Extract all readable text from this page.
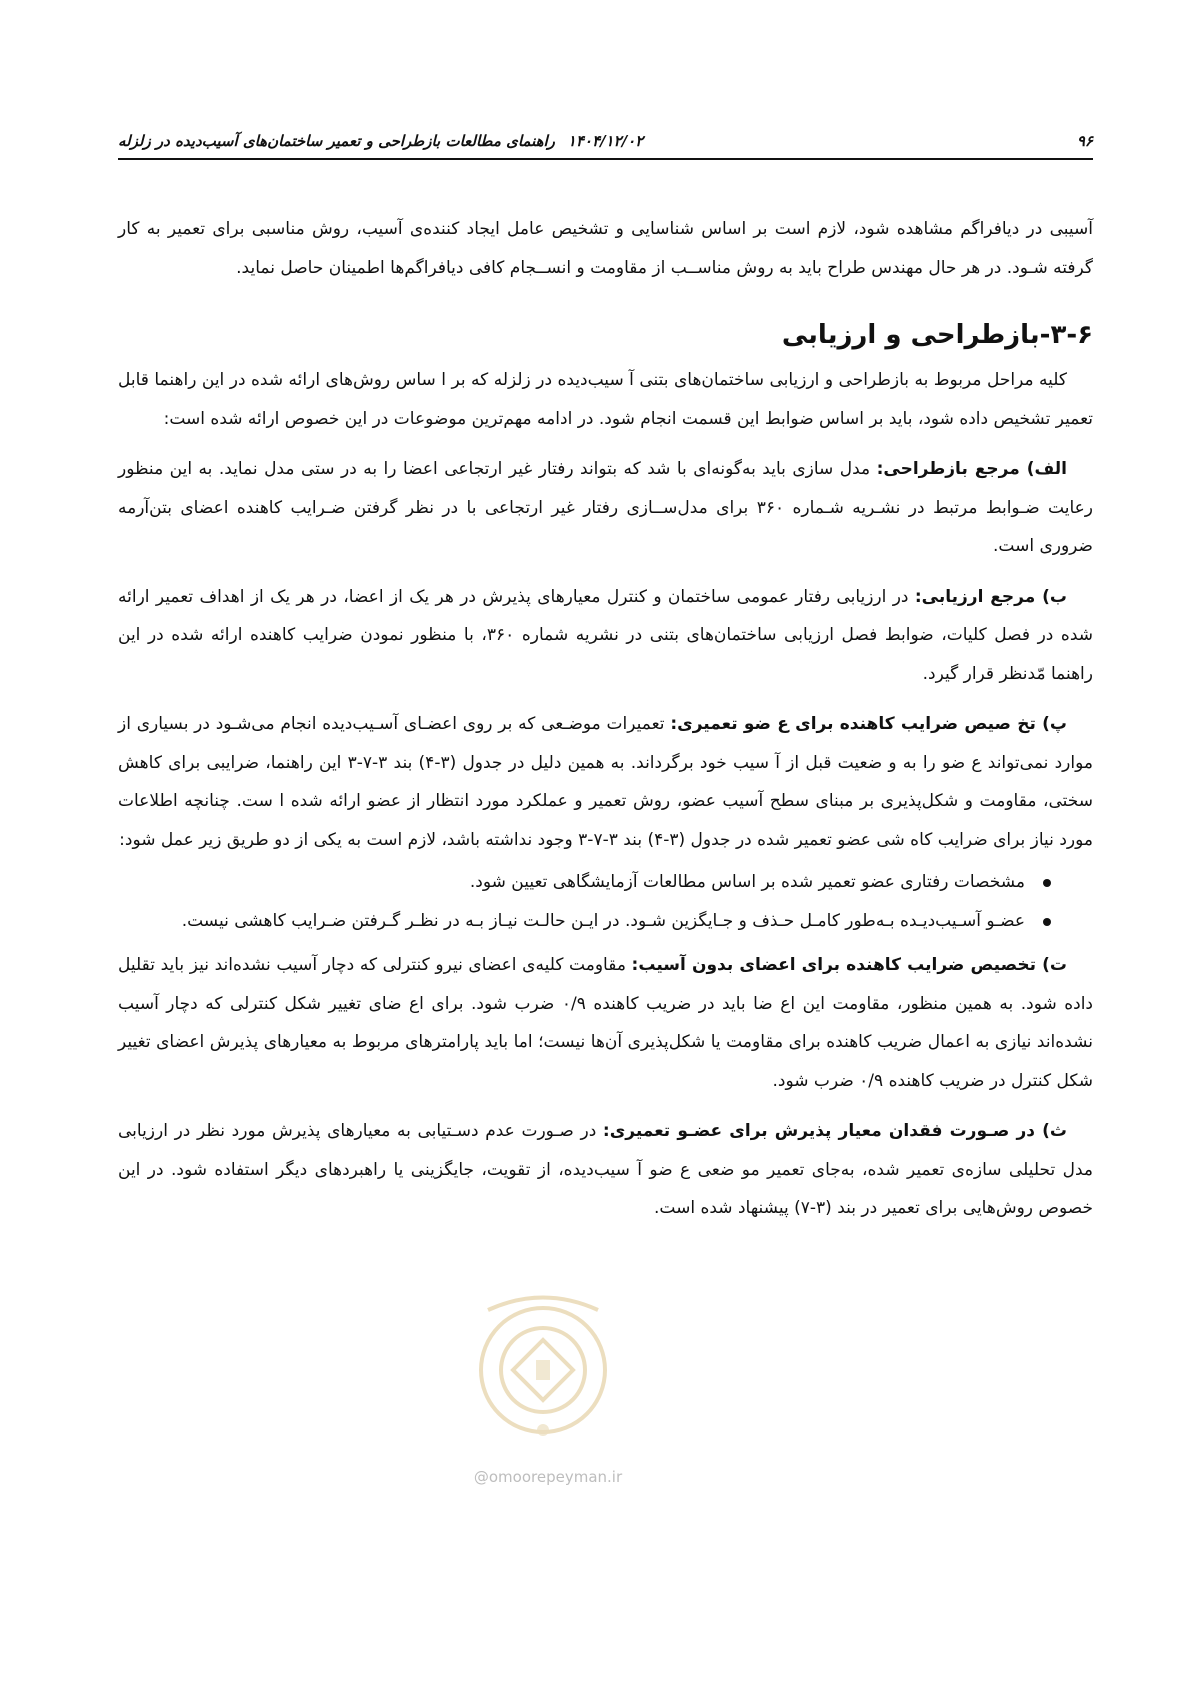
۹۶
۱۴۰۴/۱۲/۰۲
راهنمای مطالعات بازطراحی و تعمیر ساختمان‌های آسیب‌دیده در زلزله

آسیبی در دیافراگم مشاهده شود، لازم است بر اساس شناسایی و تشخیص عامل ایجاد کننده‌ی آسیب، روش مناسبی برای تعمیر به کار گرفته شـود. در هر حال مهندس طراح باید به روش مناســب از مقاومت و انســجام کافی دیافراگم‌ها اطمینان حاصل نماید.

۳-۶-بازطراحی و ارزیابی

کلیه مراحل مربوط به بازطراحی و ارزیابی ساختمان‌های بتنی آ سیب‌دیده در زلزله که بر ا ساس روش‌های ارائه شده در این راهنما قابل تعمیر تشخیص داده شود، باید بر اساس ضوابط این قسمت انجام شود. در ادامه مهم‌ترین موضوعات در این خصوص ارائه شده است:

الف) مرجع بازطراحی: مدل سازی باید به‌گونه‌ای با شد که بتواند رفتار غیر ارتجاعی اعضا را به در ستی مدل نماید. به این منظور رعایت ضـوابط مرتبط در نشـریه شـماره ۳۶۰ برای مدل‌ســازی رفتار غیر ارتجاعی با در نظر گرفتن ضـرایب کاهنده اعضای بتن‌آرمه ضروری است.

ب) مرجع ارزیابی: در ارزیابی رفتار عمومی ساختمان و کنترل معیارهای پذیرش در هر یک از اعضا، در هر یک از اهداف تعمیر ارائه شده در فصل کلیات، ضوابط فصل ارزیابی ساختمان‌های بتنی در نشریه شماره ۳۶۰، با منظور نمودن ضرایب کاهنده ارائه شده در این راهنما مّدنظر قرار گیرد.

پ) تخ صیص ضرایب کاهنده برای ع ضو تعمیری: تعمیرات موضـعی که بر روی اعضـای آسـیب‌دیده انجام می‌شـود در بسیاری از موارد نمی‌تواند ع ضو را به و ضعیت قبل از آ سیب خود برگرداند. به همین دلیل در جدول (۳-۴) بند ۳-۷-۳ این راهنما، ضرایبی برای کاهش سختی، مقاومت و شکل‌پذیری بر مبنای سطح آسیب عضو، روش تعمیر و عملکرد مورد انتظار از عضو ارائه شده ا ست. چنانچه اطلاعات مورد نیاز برای ضرایب کاه شی عضو تعمیر شده در جدول (۳-۴) بند ۳-۷-۳ وجود نداشته باشد، لازم است به یکی از دو طریق زیر عمل شود:

مشخصات رفتاری عضو تعمیر شده بر اساس مطالعات آزمایشگاهی تعیین شود.
عضـو آسـیب‌دیـده بـه‌طور کامـل حـذف و جـایگزین شـود. در ایـن حالـت نیـاز بـه در نظـر گـرفتن ضـرایب کاهشی نیست.

ت) تخصیص ضرایب کاهنده برای اعضای بدون آسیب: مقاومت کلیه‌ی اعضای نیرو کنترلی که دچار آسیب نشده‌اند نیز باید تقلیل داده شود. به همین منظور، مقاومت این اع ضا باید در ضریب کاهنده ۰/۹ ضرب شود. برای اع ضای تغییر شکل کنترلی که دچار آسیب نشده‌اند نیازی به اعمال ضریب کاهنده برای مقاومت یا شکل‌پذیری آن‌ها نیست؛ اما باید پارامترهای مربوط به معیارهای پذیرش اعضای تغییر شکل کنترل در ضریب کاهنده ۰/۹ ضرب شود.

ث) در صـورت فقدان معیار پذیرش برای عضـو تعمیری: در صـورت عدم دسـتیابی به معیارهای پذیرش مورد نظر در ارزیابی مدل تحلیلی سازه‌ی تعمیر شده، به‌جای تعمیر مو ضعی ع ضو آ سیب‌دیده، از تقویت، جایگزینی یا راهبردهای دیگر استفاده شود. در این خصوص روش‌هایی برای تعمیر در بند (۳-۷) پیشنهاد شده است.

@omoorepeyman.ir
